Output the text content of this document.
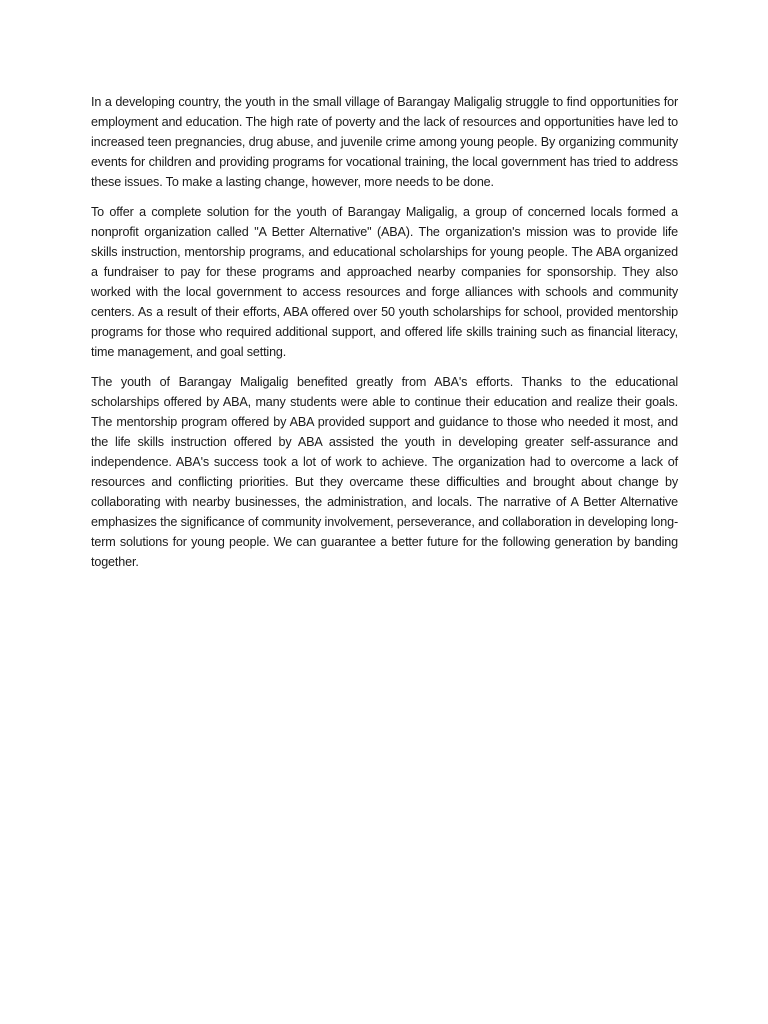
In a developing country, the youth in the small village of Barangay Maligalig struggle to find opportunities for employment and education. The high rate of poverty and the lack of resources and opportunities have led to increased teen pregnancies, drug abuse, and juvenile crime among young people. By organizing community events for children and providing programs for vocational training, the local government has tried to address these issues. To make a lasting change, however, more needs to be done.

To offer a complete solution for the youth of Barangay Maligalig, a group of concerned locals formed a nonprofit organization called "A Better Alternative" (ABA). The organization's mission was to provide life skills instruction, mentorship programs, and educational scholarships for young people. The ABA organized a fundraiser to pay for these programs and approached nearby companies for sponsorship. They also worked with the local government to access resources and forge alliances with schools and community centers. As a result of their efforts, ABA offered over 50 youth scholarships for school, provided mentorship programs for those who required additional support, and offered life skills training such as financial literacy, time management, and goal setting.

The youth of Barangay Maligalig benefited greatly from ABA's efforts. Thanks to the educational scholarships offered by ABA, many students were able to continue their education and realize their goals. The mentorship program offered by ABA provided support and guidance to those who needed it most, and the life skills instruction offered by ABA assisted the youth in developing greater self-assurance and independence. ABA's success took a lot of work to achieve. The organization had to overcome a lack of resources and conflicting priorities. But they overcame these difficulties and brought about change by collaborating with nearby businesses, the administration, and locals. The narrative of A Better Alternative emphasizes the significance of community involvement, perseverance, and collaboration in developing long-term solutions for young people. We can guarantee a better future for the following generation by banding together.
